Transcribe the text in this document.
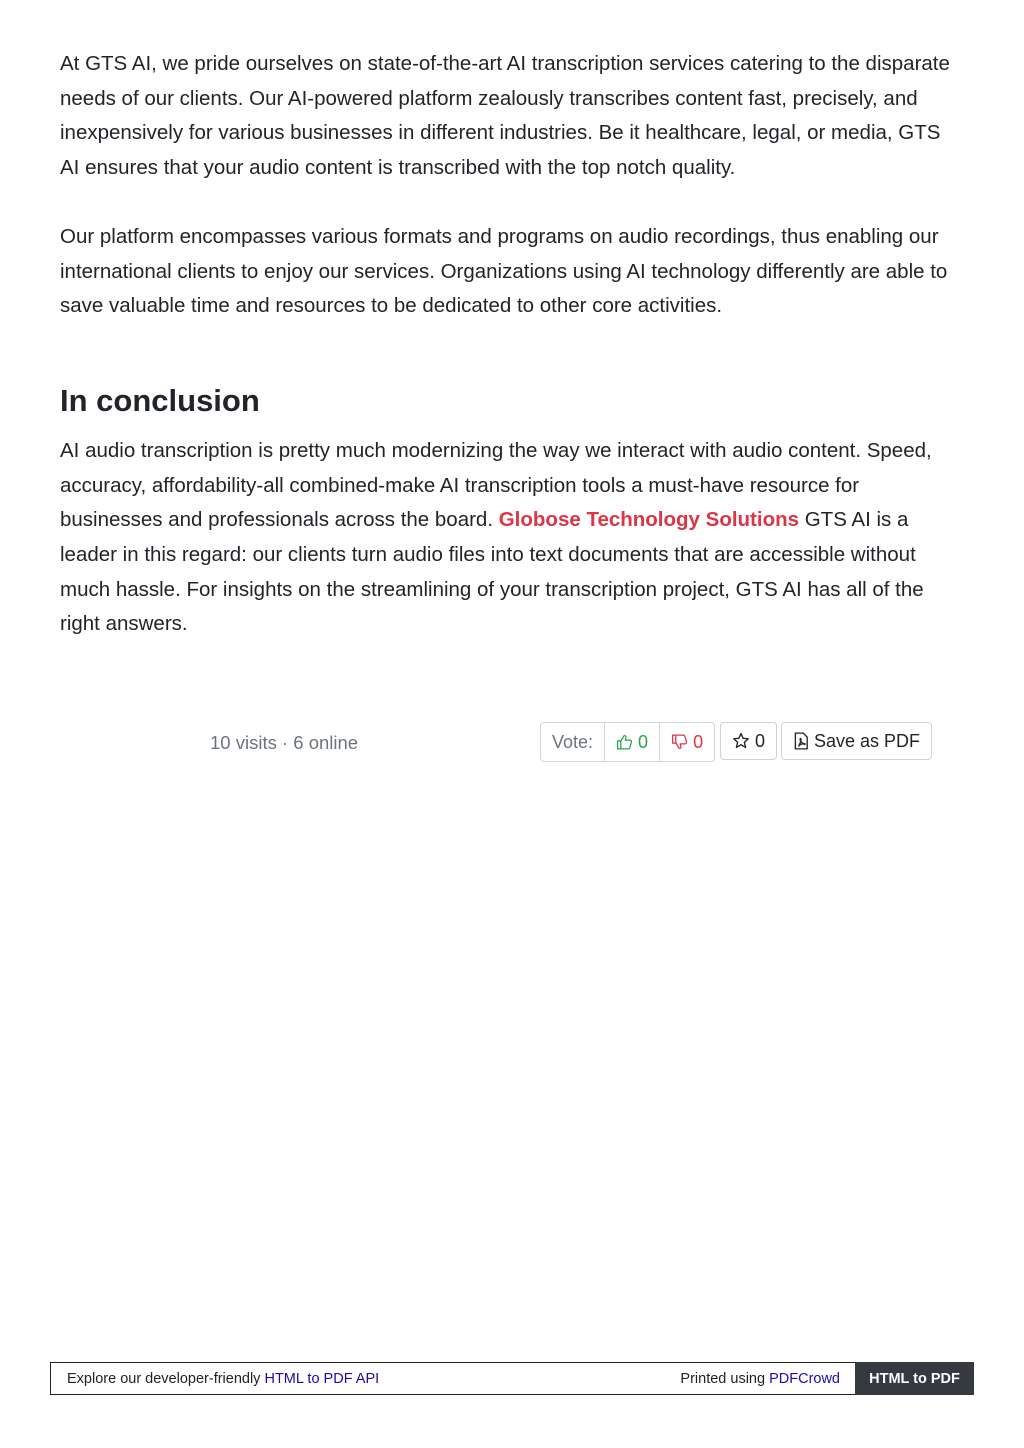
At GTS AI, we pride ourselves on state-of-the-art AI transcription services catering to the disparate needs of our clients. Our AI-powered platform zealously transcribes content fast, precisely, and inexpensively for various businesses in different industries. Be it healthcare, legal, or media, GTS AI ensures that your audio content is transcribed with the top notch quality.

Our platform encompasses various formats and programs on audio recordings, thus enabling our international clients to enjoy our services. Organizations using AI technology differently are able to save valuable time and resources to be dedicated to other core activities.

In conclusion

AI audio transcription is pretty much modernizing the way we interact with audio content. Speed, accuracy, affordability-all combined-make AI transcription tools a must-have resource for businesses and professionals across the board. Globose Technology Solutions GTS AI is a leader in this regard: our clients turn audio files into text documents that are accessible without much hassle. For insights on the streamlining of your transcription project, GTS AI has all of the right answers.

10 visits · 6 online	Vote:	0	0	0	Save as PDF
Explore our developer-friendly HTML to PDF API	Printed using PDFCrowd	HTML to PDF
